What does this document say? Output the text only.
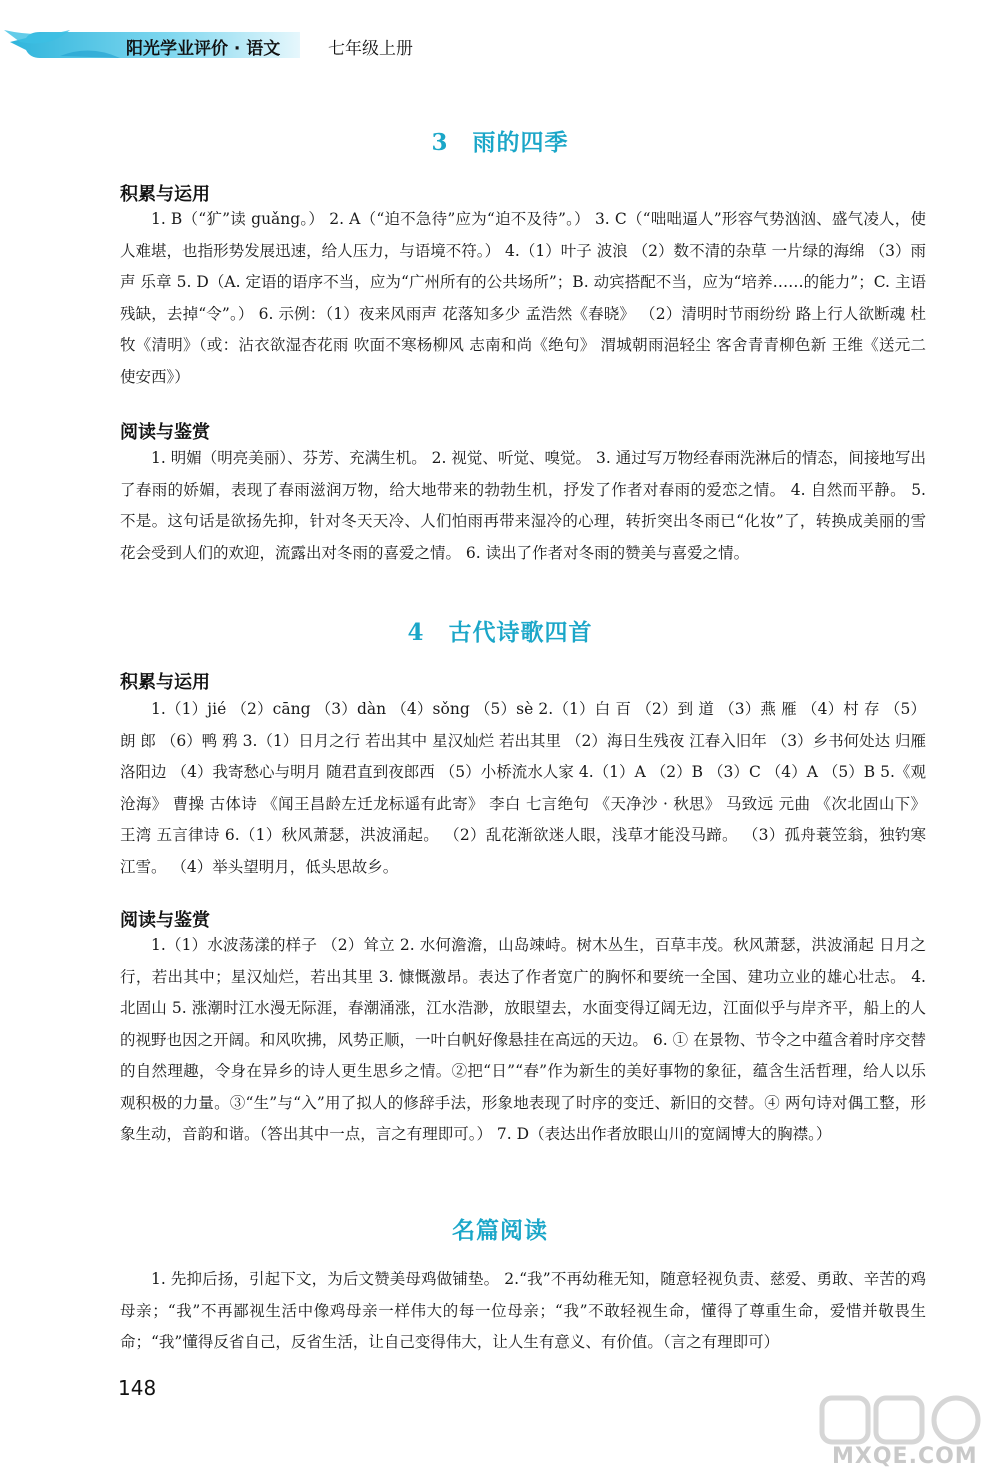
阳光学业评价 · 语文	七年级上册
3　雨的四季
积累与运用

1. B（“犷”读 guǎng。） 2. A（“迫不急待”应为“迫不及待”。） 3. C（“咄咄逼人”形容气势汹汹、盛气凌人，使人难堪，也指形势发展迅速，给人压力，与语境不符。） 4.（1）叶子 波浪 （2）数不清的杂草 一片绿的海绵 （3）雨声 乐章 5. D（A. 定语的语序不当，应为“广州所有的公共场所”；B. 动宾搭配不当，应为“培养……的能力”；C. 主语残缺，去掉“令”。） 6. 示例：（1）夜来风雨声 花落知多少 孟浩然《春晓》 （2）清明时节雨纷纷 路上行人欲断魂 杜牧《清明》（或：沾衣欲湿杏花雨 吹面不寒杨柳风 志南和尚《绝句》 渭城朝雨浥轻尘 客舍青青柳色新 王维《送元二使安西》）

阅读与鉴赏

1. 明媚（明亮美丽）、芬芳、充满生机。 2. 视觉、听觉、嗅觉。 3. 通过写万物经春雨洗淋后的情态，间接地写出了春雨的娇媚，表现了春雨滋润万物，给大地带来的勃勃生机，抒发了作者对春雨的爱恋之情。 4. 自然而平静。 5. 不是。这句话是欲扬先抑，针对冬天天冷、人们怕雨再带来湿冷的心理，转折突出冬雨已“化妆”了，转换成美丽的雪花会受到人们的欢迎，流露出对冬雨的喜爱之情。 6. 读出了作者对冬雨的赞美与喜爱之情。

4　古代诗歌四首
积累与运用

1.（1）jié （2）cāng （3）dàn （4）sǒng （5）sè 2.（1）白 百 （2）到 道 （3）燕 雁 （4）村 存 （5）朗 郎 （6）鸭 鸦 3.（1）日月之行 若出其中 星汉灿烂 若出其里 （2）海日生残夜 江春入旧年 （3）乡书何处达 归雁洛阳边 （4）我寄愁心与明月 随君直到夜郎西 （5）小桥流水人家 4.（1）A （2）B （3）C （4）A （5）B 5.《观沧海》 曹操 古体诗 《闻王昌龄左迁龙标遥有此寄》 李白 七言绝句 《天净沙 · 秋思》 马致远 元曲 《次北固山下》 王湾 五言律诗 6.（1）秋风萧瑟，洪波涌起。 （2）乱花渐欲迷人眼，浅草才能没马蹄。 （3）孤舟蓑笠翁，独钓寒江雪。 （4）举头望明月，低头思故乡。

阅读与鉴赏

1.（1）水波荡漾的样子 （2）耸立 2. 水何澹澹，山岛竦峙。树木丛生，百草丰茂。秋风萧瑟，洪波涌起 日月之行，若出其中；星汉灿烂，若出其里 3. 慷慨激昂。表达了作者宽广的胸怀和要统一全国、建功立业的雄心壮志。 4. 北固山 5. 涨潮时江水漫无际涯，春潮涌涨，江水浩渺，放眼望去，水面变得辽阔无边，江面似乎与岸齐平，船上的人的视野也因之开阔。和风吹拂，风势正顺，一叶白帆好像悬挂在高远的天边。 6. ① 在景物、节令之中蕴含着时序交替的自然理趣，令身在异乡的诗人更生思乡之情。②把“日”“春”作为新生的美好事物的象征，蕴含生活哲理，给人以乐观积极的力量。③“生”与“入”用了拟人的修辞手法，形象地表现了时序的变迁、新旧的交替。④ 两句诗对偶工整，形象生动，音韵和谐。（答出其中一点，言之有理即可。） 7. D（表达出作者放眼山川的宽阔博大的胸襟。）

名篇阅读

1. 先抑后扬，引起下文，为后文赞美母鸡做铺垫。 2.“我”不再幼稚无知，随意轻视负责、慈爱、勇敢、辛苦的鸡母亲；“我”不再鄙视生活中像鸡母亲一样伟大的每一位母亲；“我”不敢轻视生命，懂得了尊重生命，爱惜并敬畏生命；“我”懂得反省自己，反省生活，让自己变得伟大，让人生有意义、有价值。（言之有理即可）

148
MXQE.COM
